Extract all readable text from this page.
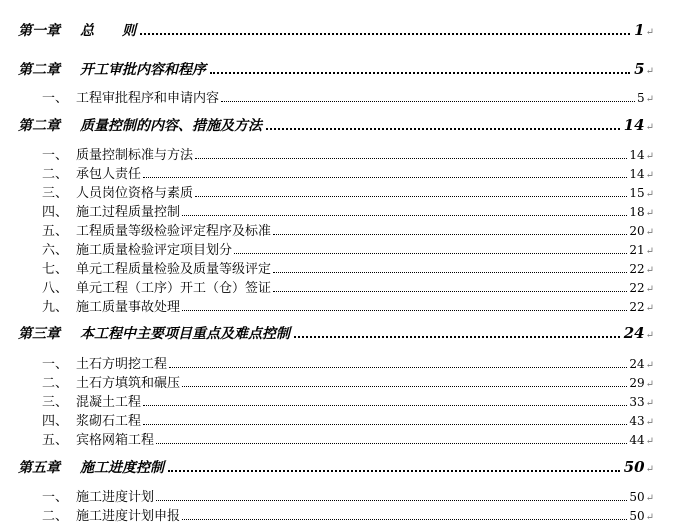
第一章	总　　则	1 ↵
第二章	开工审批内容和程序	5 ↵
一、 工程审批程序和申请内容	5 ↵
第二章	质量控制的内容、措施及方法	14 ↵
一、 质量控制标准与方法	14 ↵
二、 承包人责任	14 ↵
三、 人员岗位资格与素质	15 ↵
四、 施工过程质量控制	18 ↵
五、 工程质量等级检验评定程序及标准	20 ↵
六、 施工质量检验评定项目划分	21 ↵
七、 单元工程质量检验及质量等级评定	22 ↵
八、 单元工程（工序）开工（仓）签证	22 ↵
九、 施工质量事故处理	22 ↵
第三章	本工程中主要项目重点及难点控制	24 ↵
一、 土石方明挖工程	24 ↵
二、 土石方填筑和碾压	29 ↵
三、 混凝土工程	33 ↵
四、 浆砌石工程	43 ↵
五、 宾格网箱工程	44 ↵
第五章	施工进度控制	50 ↵
一、 施工进度计划	50 ↵
二、 施工进度计划申报	50 ↵
